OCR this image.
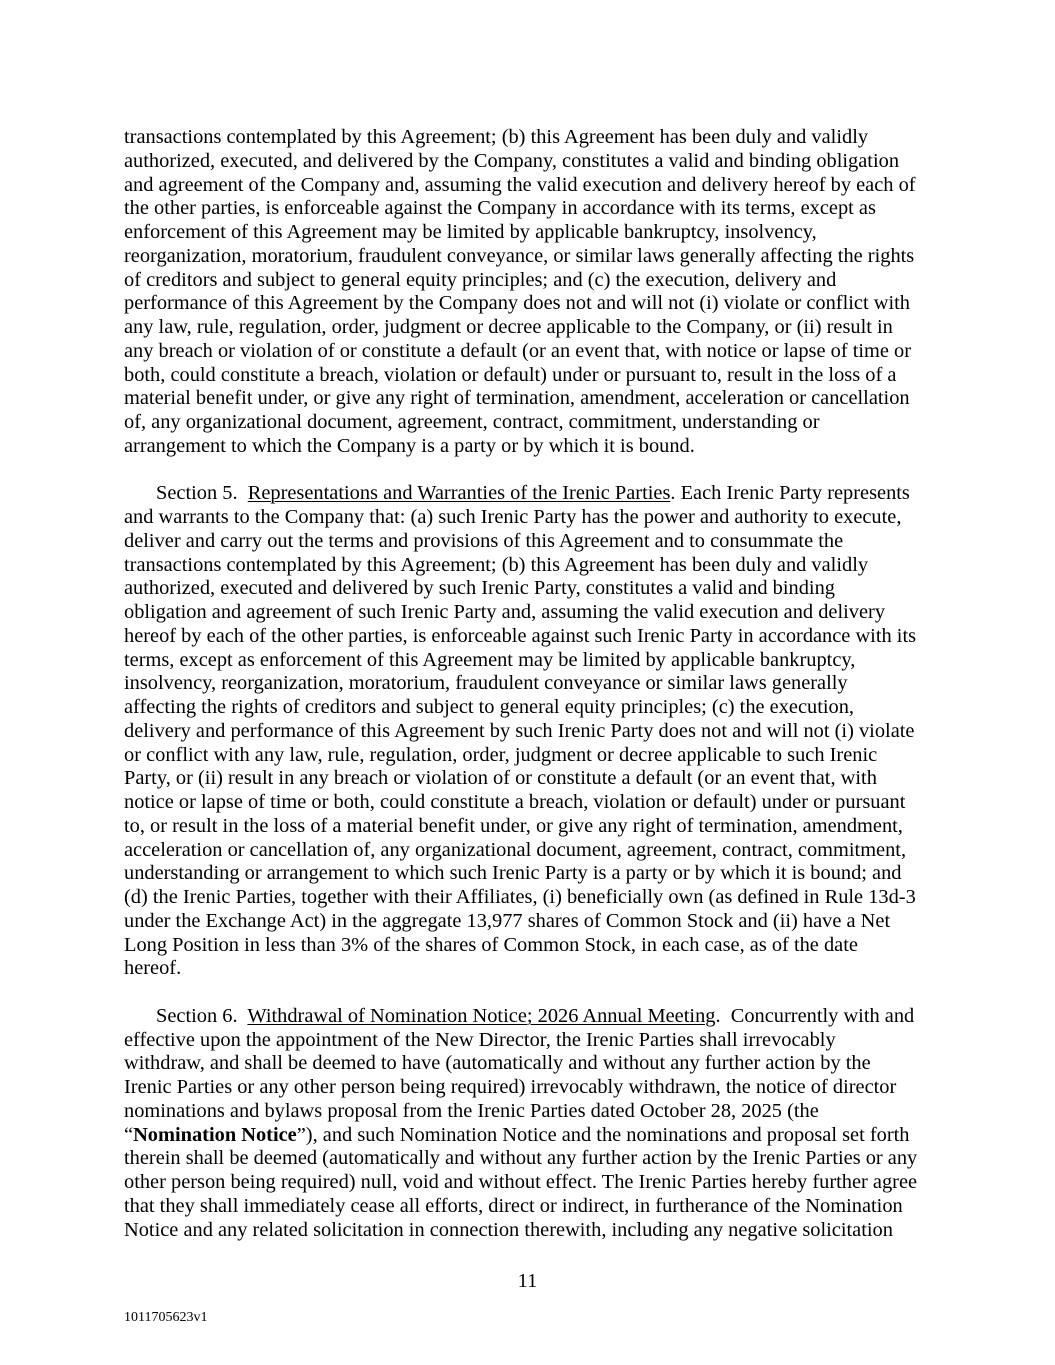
transactions contemplated by this Agreement; (b) this Agreement has been duly and validly
authorized, executed, and delivered by the Company, constitutes a valid and binding obligation
and agreement of the Company and, assuming the valid execution and delivery hereof by each of
the other parties, is enforceable against the Company in accordance with its terms, except as
enforcement of this Agreement may be limited by applicable bankruptcy, insolvency,
reorganization, moratorium, fraudulent conveyance, or similar laws generally affecting the rights
of creditors and subject to general equity principles; and (c) the execution, delivery and
performance of this Agreement by the Company does not and will not (i) violate or conflict with
any law, rule, regulation, order, judgment or decree applicable to the Company, or (ii) result in
any breach or violation of or constitute a default (or an event that, with notice or lapse of time or
both, could constitute a breach, violation or default) under or pursuant to, result in the loss of a
material benefit under, or give any right of termination, amendment, acceleration or cancellation
of, any organizational document, agreement, contract, commitment, understanding or
arrangement to which the Company is a party or by which it is bound.
Section 5.  Representations and Warranties of the Irenic Parties. Each Irenic Party represents
and warrants to the Company that: (a) such Irenic Party has the power and authority to execute,
deliver and carry out the terms and provisions of this Agreement and to consummate the
transactions contemplated by this Agreement; (b) this Agreement has been duly and validly
authorized, executed and delivered by such Irenic Party, constitutes a valid and binding
obligation and agreement of such Irenic Party and, assuming the valid execution and delivery
hereof by each of the other parties, is enforceable against such Irenic Party in accordance with its
terms, except as enforcement of this Agreement may be limited by applicable bankruptcy,
insolvency, reorganization, moratorium, fraudulent conveyance or similar laws generally
affecting the rights of creditors and subject to general equity principles; (c) the execution,
delivery and performance of this Agreement by such Irenic Party does not and will not (i) violate
or conflict with any law, rule, regulation, order, judgment or decree applicable to such Irenic
Party, or (ii) result in any breach or violation of or constitute a default (or an event that, with
notice or lapse of time or both, could constitute a breach, violation or default) under or pursuant
to, or result in the loss of a material benefit under, or give any right of termination, amendment,
acceleration or cancellation of, any organizational document, agreement, contract, commitment,
understanding or arrangement to which such Irenic Party is a party or by which it is bound; and
(d) the Irenic Parties, together with their Affiliates, (i) beneficially own (as defined in Rule 13d-3
under the Exchange Act) in the aggregate 13,977 shares of Common Stock and (ii) have a Net
Long Position in less than 3% of the shares of Common Stock, in each case, as of the date
hereof.
Section 6.  Withdrawal of Nomination Notice; 2026 Annual Meeting.  Concurrently with and
effective upon the appointment of the New Director, the Irenic Parties shall irrevocably
withdraw, and shall be deemed to have (automatically and without any further action by the
Irenic Parties or any other person being required) irrevocably withdrawn, the notice of director
nominations and bylaws proposal from the Irenic Parties dated October 28, 2025 (the
“Nomination Notice”), and such Nomination Notice and the nominations and proposal set forth
therein shall be deemed (automatically and without any further action by the Irenic Parties or any
other person being required) null, void and without effect. The Irenic Parties hereby further agree
that they shall immediately cease all efforts, direct or indirect, in furtherance of the Nomination
Notice and any related solicitation in connection therewith, including any negative solicitation
11
1011705623v1
